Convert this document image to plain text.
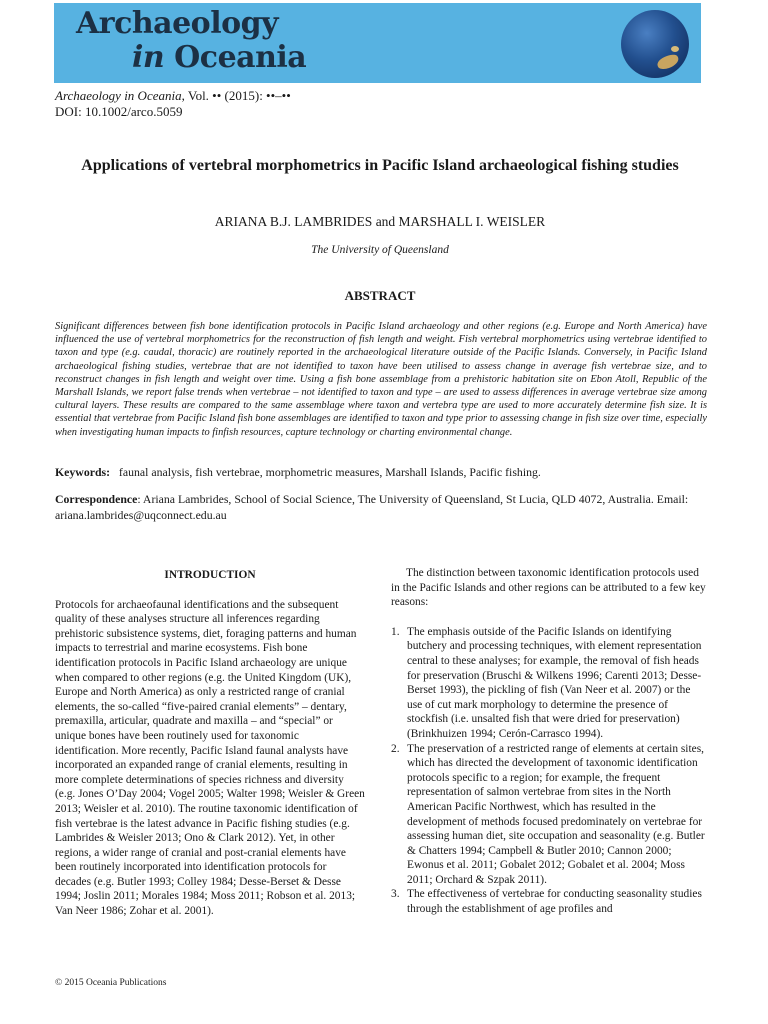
Archaeology
in Oceania
Archaeology in Oceania, Vol. •• (2015): ••–••
DOI: 10.1002/arco.5059
Applications of vertebral morphometrics in Pacific Island archaeological fishing studies
ARIANA B.J. LAMBRIDES and MARSHALL I. WEISLER
The University of Queensland
ABSTRACT
Significant differences between fish bone identification protocols in Pacific Island archaeology and other regions (e.g. Europe and North America) have influenced the use of vertebral morphometrics for the reconstruction of fish length and weight. Fish vertebral morphometrics using vertebrae identified to taxon and type (e.g. caudal, thoracic) are routinely reported in the archaeological literature outside of the Pacific Islands. Conversely, in Pacific Island archaeological fishing studies, vertebrae that are not identified to taxon have been utilised to assess change in average fish vertebrae size, and to reconstruct changes in fish length and weight over time. Using a fish bone assemblage from a prehistoric habitation site on Ebon Atoll, Republic of the Marshall Islands, we report false trends when vertebrae – not identified to taxon and type – are used to assess differences in average vertebrae size among cultural layers. These results are compared to the same assemblage where taxon and vertebra type are used to more accurately determine fish size. It is essential that vertebrae from Pacific Island fish bone assemblages are identified to taxon and type prior to assessing change in fish size over time, especially when investigating human impacts to finfish resources, capture technology or charting environmental change.
Keywords: faunal analysis, fish vertebrae, morphometric measures, Marshall Islands, Pacific fishing.
Correspondence: Ariana Lambrides, School of Social Science, The University of Queensland, St Lucia, QLD 4072, Australia. Email: ariana.lambrides@uqconnect.edu.au
INTRODUCTION

Protocols for archaeofaunal identifications and the subsequent quality of these analyses structure all inferences regarding prehistoric subsistence systems, diet, foraging patterns and human impacts to terrestrial and marine ecosystems. Fish bone identification protocols in Pacific Island archaeology are unique when compared to other regions (e.g. the United Kingdom (UK), Europe and North America) as only a restricted range of cranial elements, the so-called “five-paired cranial elements” – dentary, premaxilla, articular, quadrate and maxilla – and “special” or unique bones have been routinely used for taxonomic identification. More recently, Pacific Island faunal analysts have incorporated an expanded range of cranial elements, resulting in more complete determinations of species richness and diversity (e.g. Jones O’Day 2004; Vogel 2005; Walter 1998; Weisler & Green 2013; Weisler et al. 2010). The routine taxonomic identification of fish vertebrae is the latest advance in Pacific fishing studies (e.g. Lambrides & Weisler 2013; Ono & Clark 2012). Yet, in other regions, a wider range of cranial and post-cranial elements have been routinely incorporated into identification protocols for decades (e.g. Butler 1993; Colley 1984; Desse-Berset & Desse 1994; Joslin 2011; Morales 1984; Moss 2011; Robson et al. 2013; Van Neer 1986; Zohar et al. 2001).

The distinction between taxonomic identification protocols used in the Pacific Islands and other regions can be attributed to a few key reasons:

1. The emphasis outside of the Pacific Islands on identifying butchery and processing techniques, with element representation central to these analyses; for example, the removal of fish heads for preservation (Bruschi & Wilkens 1996; Carenti 2013; Desse-Berset 1993), the pickling of fish (Van Neer et al. 2007) or the use of cut mark morphology to determine the presence of stockfish (i.e. unsalted fish that were dried for preservation) (Brinkhuizen 1994; Cerón-Carrasco 1994).
2. The preservation of a restricted range of elements at certain sites, which has directed the development of taxonomic identification protocols specific to a region; for example, the frequent representation of salmon vertebrae from sites in the North American Pacific Northwest, which has resulted in the development of methods focused predominately on vertebrae for assessing human diet, site occupation and seasonality (e.g. Butler & Chatters 1994; Campbell & Butler 2010; Cannon 2000; Ewonus et al. 2011; Gobalet 2012; Gobalet et al. 2004; Moss 2011; Orchard & Szpak 2011).
3. The effectiveness of vertebrae for conducting seasonality studies through the establishment of age profiles and
© 2015 Oceania Publications
